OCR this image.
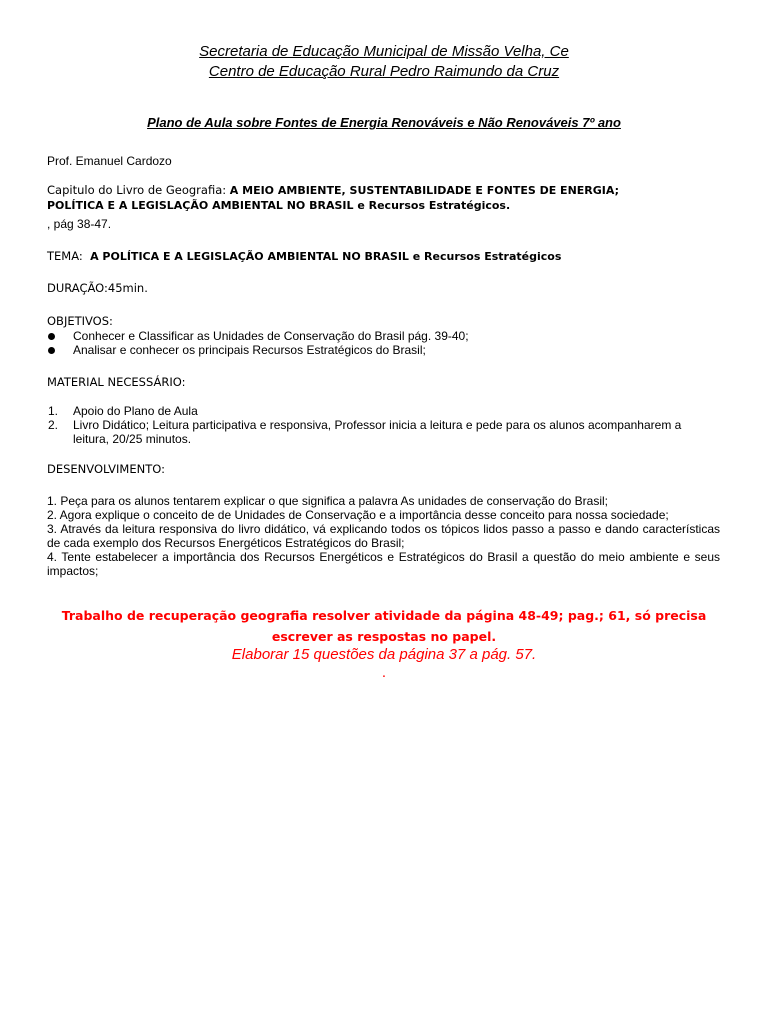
Secretaria de Educação Municipal de Missão Velha, Ce
Centro de Educação Rural Pedro Raimundo da Cruz
Plano de Aula sobre Fontes de Energia Renováveis e Não Renováveis 7º ano
Prof. Emanuel Cardozo
Capitulo do Livro de Geografia: A MEIO AMBIENTE, SUSTENTABILIDADE E FONTES DE ENERGIA;
POLÍTICA E A LEGISLAÇÃO AMBIENTAL NO BRASIL e Recursos Estratégicos.
, pág 38-47.
TEMA: A POLÍTICA E A LEGISLAÇÃO AMBIENTAL NO BRASIL e Recursos Estratégicos
DURAÇÃO:45min.
OBJETIVOS:
Conhecer e Classificar as Unidades de Conservação do Brasil pág. 39-40;
Analisar e conhecer os principais Recursos Estratégicos do Brasil;
MATERIAL NECESSÁRIO:
1. Apoio do Plano de Aula
2. Livro Didático; Leitura participativa e responsiva, Professor inicia a leitura e pede para os alunos acompanharem a leitura, 20/25 minutos.
DESENVOLVIMENTO:
1. Peça para os alunos tentarem explicar o que significa a palavra As unidades de conservação do Brasil;
2. Agora explique o conceito de de Unidades de Conservação e a importância desse conceito para nossa sociedade;
3. Através da leitura responsiva do livro didático, vá explicando todos os tópicos lidos passo a passo e dando características de cada exemplo dos Recursos Energéticos Estratégicos do Brasil;
4. Tente estabelecer a importância dos Recursos Energéticos e Estratégicos do Brasil a questão do meio ambiente e seus impactos;
Trabalho de recuperação geografia resolver atividade da página 48-49; pag.; 61, só precisa
escrever as respostas no papel.
Elaborar 15 questões da página 37 a pág. 57.
.
